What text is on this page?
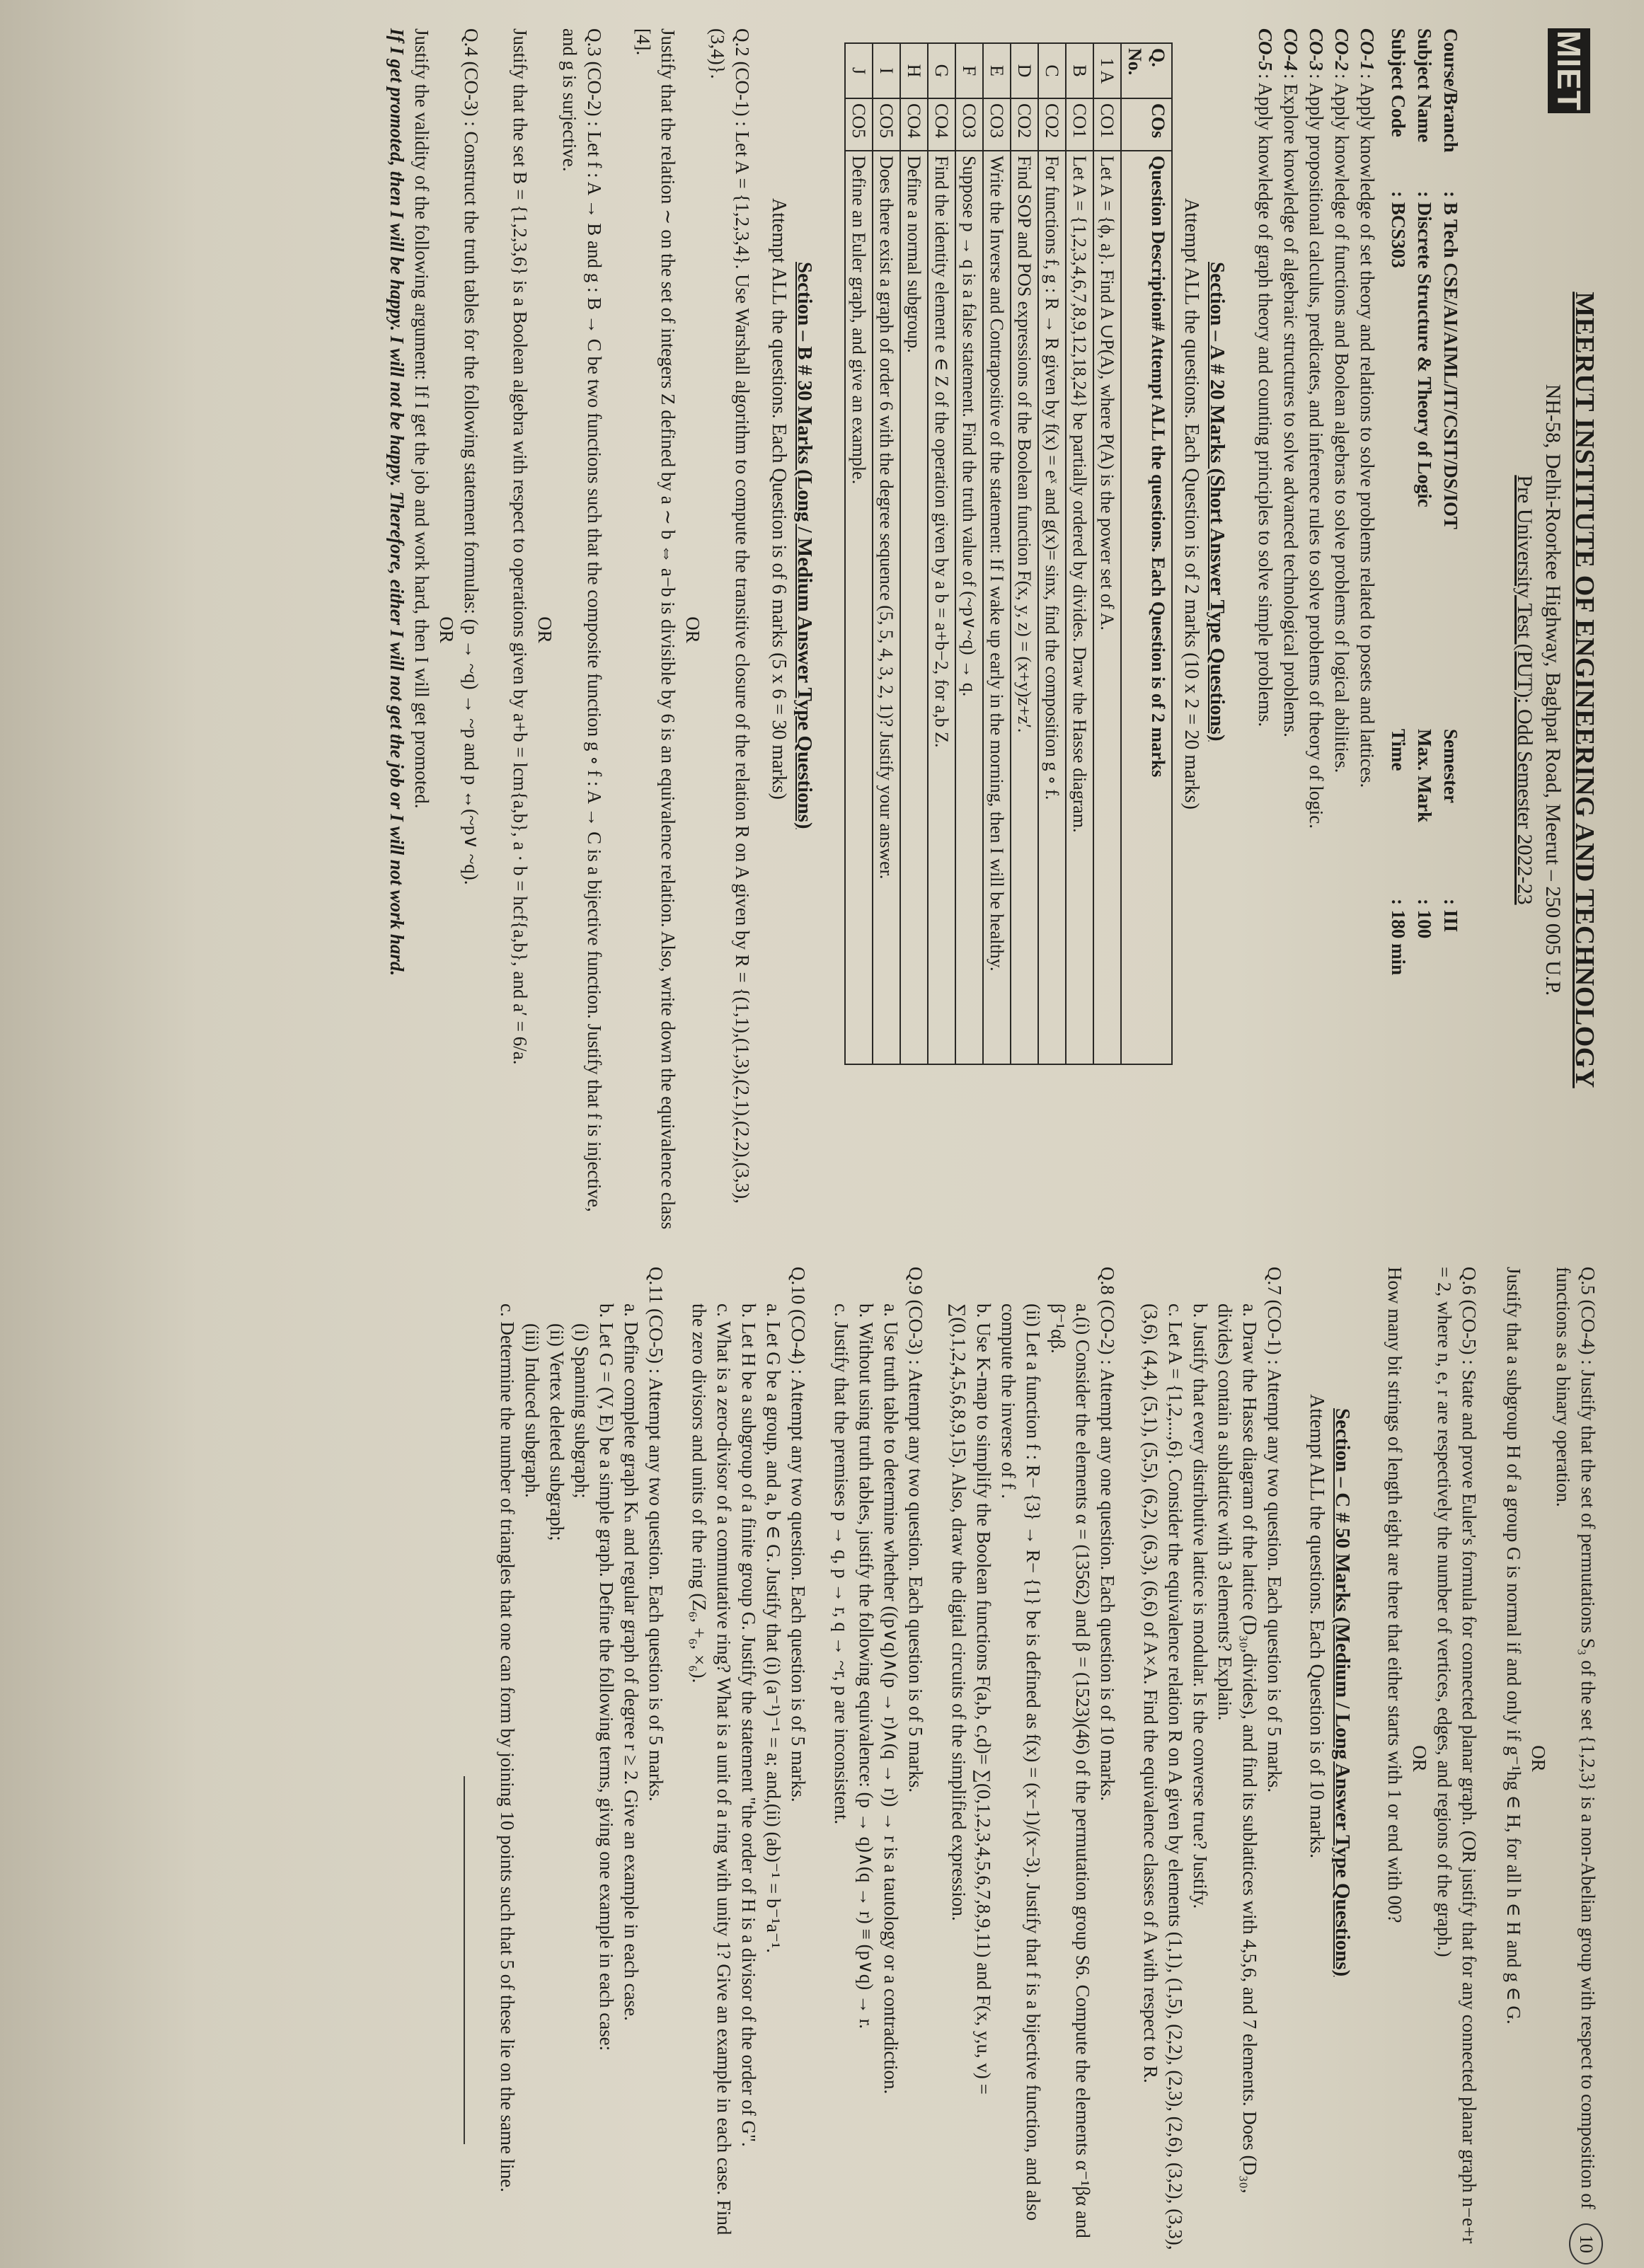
MIET
MEERUT INSTITUTE OF ENGINEERING AND TECHNOLOGY
NH-58, Delhi-Roorkee Highway, Baghpat Road, Meerut – 250 005 U.P.
Pre University Test (PUT): Odd Semester 2022-23
Course/Branch
: B Tech CSE/AI/AIML/IT/CSIT/DS/IOT
Semester
: III
Subject Name
: Discrete Structure & Theory of Logic
Max. Mark
: 100
Subject Code
: BCS303
Time
: 180 min
CO-1
: Apply knowledge of set theory and relations to solve problems related to posets and lattices.
CO-2
: Apply knowledge of functions and Boolean algebras to solve problems of logical abilities.
CO-3
: Apply propositional calculus, predicates, and inference rules to solve problems of theory of logic.
CO-4
: Explore knowledge of algebraic structures to solve advanced technological problems.
CO-5
: Apply knowledge of graph theory and counting principles to solve simple problems.
Section – A # 20 Marks (Short Answer Type Questions)
Attempt ALL the questions. Each Question is of 2 marks (10 x 2 = 20 marks)
Q. No.	COs	Question Description# Attempt ALL the questions. Each Question is of 2 marks
1 A	CO1	Let A = {ϕ, a}. Find A ∪P(A), where P(A) is the power set of A.
B	CO1	Let A = {1,2,3,4,6,7,8,9,12,18,24} be partially ordered by divides. Draw the Hasse diagram.
C	CO2	For functions f, g : R → R given by f(x) = eˣ and g(x)= sinx, find the composition g ∘ f.
D	CO2	Find SOP and POS expressions of the Boolean function F(x, y, z) = (x+y)z+z′.
E	CO3	Write the Inverse and Contrapositive of the statement: If I wake up early in the morning, then I will be healthy.
F	CO3	Suppose p → q is a false statement. Find the truth value of (~p∨~q) → q.
G	CO4	Find the identity element e ∈ Z of the operation given by a b = a+b−2, for a,b Z.
H	CO4	Define a normal subgroup.
I	CO5	Does there exist a graph of order 6 with the degree sequence (5, 5, 4, 3, 2, 1)? Justify your answer.
J	CO5	Define an Euler graph, and give an example.
Section – B # 30 Marks (Long / Medium Answer Type Questions)
Attempt ALL the questions. Each Question is of 6 marks (5 x 6 = 30 marks)

Q.2 (CO-1) : Let A = {1,2,3,4}. Use Warshall algorithm to compute the transitive closure of the relation R on A given by R = {(1,1),(1,3),(2,1),(2,2),(3,3),(3,4)}.

OR

Justify that the relation ∼ on the set of integers Z defined by a ∼ b ⇔ a−b is divisible by 6 is an equivalence relation. Also, write down the equivalence class [4].

Q.3 (CO-2) : Let f : A → B and g : B → C be two functions such that the composite function g ∘ f : A → C is a bijective function. Justify that f is injective, and g is surjective.

OR

Justify that the set B = {1,2,3,6} is a Boolean algebra with respect to operations given by a+b = lcm{a,b}, a · b = hcf{a,b}, and a′ = 6/a.

Q.4 (CO-3) : Construct the truth tables for the following statement formulas: (p → ~q) → ~p and p ↔(~p∨ ~q).

OR

Justify the validity of the following argument: If I get the job and work hard, then I will get promoted.

If I get promoted, then I will be happy. I will not be happy. Therefore, either I will not get the job or I will not work hard.

10

Q.5 (CO-4) : Justify that the set of permutations S₃ of the set {1,2,3} is a non-Abelian group with respect to composition of functions as a binary operation.

OR

Justify that a subgroup H of a group G is normal if and only if g⁻¹hg ∈ H, for all h ∈ H and g ∈ G.

Q.6 (CO-5) : State and prove Euler's formula for connected planar graph. (OR justify that for any connected planar graph n−e+r = 2, where n, e, r are respectively the number of vertices, edges, and regions of the graph.)

OR

How many bit strings of length eight are there that either starts with 1 or end with 00?

Section – C # 50 Marks (Medium / Long Answer Type Questions)
Attempt ALL the questions. Each Question is of 10 marks.

Q.7 (CO-1) : Attempt any two question. Each question is of 5 marks.

a. Draw the Hasse diagram of the lattice (D₃₀,divides), and find its sublattices with 4,5,6, and 7 elements. Does (D₃₀, divides) contain a sublattice with 3 elements? Explain.

b. Justify that every distributive lattice is modular. Is the converse true? Justify.

c. Let A = {1,2,...,6}. Consider the equivalence relation R on A given by elements (1,1), (1,5), (2,2), (2,3), (2,6), (3,2), (3,3), (3,6), (4,4), (5,1), (5,5), (6,2), (6,3), (6,6) of A×A. Find the equivalence classes of A with respect to R.

Q.8 (CO-2) : Attempt any one question. Each question is of 10 marks.

a.(i) Consider the elements α = (13562) and β = (1523)(46) of the permutation group S6. Compute the elements α⁻¹βα and β⁻¹αβ.

(ii) Let a function f : R− {3} → R− {1} be is defined as f(x) = (x−1)/(x−3). Justify that f is a bijective function, and also compute the inverse of f .

b. Use K-map to simplify the Boolean functions F(a,b, c,d)= ∑(0,1,2,3,4,5,6,7,8,9,11) and F(x, y,u, v) = ∑(0,1,2,4,5,6,8,9,15). Also, draw the digital circuits of the simplified expression.

Q.9 (CO-3) : Attempt any two question. Each question is of 5 marks.

a. Use truth table to determine whether ((p∨q)∧(p → r)∧(q → r)) → r is a tautology or a contradiction.

b. Without using truth tables, justify the following equivalence: (p → q)∧(q → r) ≡ (p∨q) → r.

c. Justify that the premises p → q, p → r, q → ~r, p are inconsistent.

Q.10 (CO-4) : Attempt any two question. Each question is of 5 marks.

a. Let G be a group, and a, b ∈ G. Justify that (i) (a⁻¹)⁻¹ = a; and,(ii) (ab)⁻¹ = b⁻¹a⁻¹.

b. Let H be a subgroup of a finite group G. Justify the statement "the order of H is a divisor of the order of G".

c. What is a zero-divisor of a commutative ring? What is a unit of a ring with unity 1? Give an example in each case. Find the zero divisors and units of the ring (Z₆, +₆, ×₆).

Q.11 (CO-5) : Attempt any two question. Each question is of 5 marks.

a. Define complete graph Kₙ and regular graph of degree r ≥ 2. Give an example in each case.

b. Let G = (V, E) be a simple graph. Define the following terms, giving one example in each case:

(i) Spanning subgraph;

(ii) Vertex deleted subgraph;

(iii) Induced subgraph.

c. Determine the number of triangles that one can form by joining 10 points such that 5 of these lie on the same line.
